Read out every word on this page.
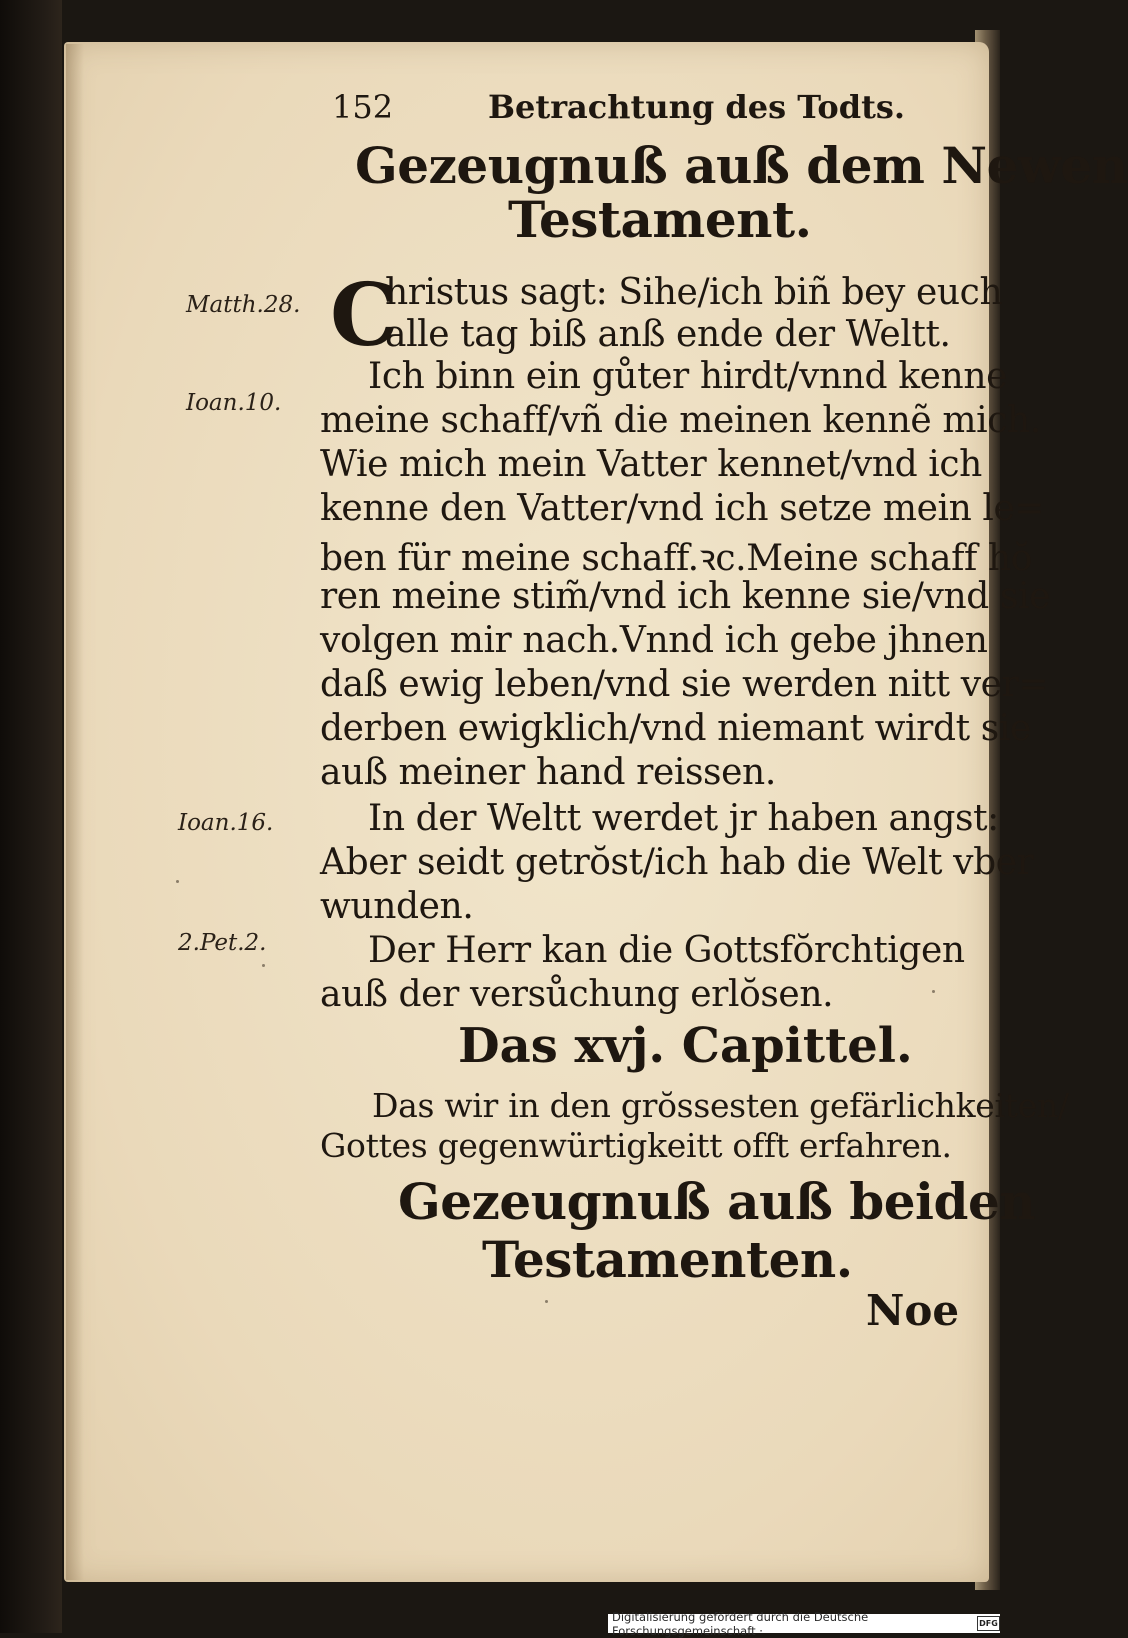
152	Betrachtung des Todts.
Gezeugnuß auß dem Newen
Testament.
Matth.28.
Ioan.10.
Ioan.16.
2.Pet.2.
C
hristus sagt: Sihe/ich biñ bey euch
alle tag biß anß ende der Weltt.
Ich binn ein gůter hirdt/vnnd kenne
meine schaff/vñ die meinen kennẽ mich.
Wie mich mein Vatter kennet/vnd ich
kenne den Vatter/vnd ich setze mein le=
ben für meine schaff.ꝛc.Meine schaff hŏ
ren meine stim̃/vnd ich kenne sie/vnd sie
volgen mir nach.Vnnd ich gebe jhnen
daß ewig leben/vnd sie werden nitt ver=
derben ewigklich/vnd niemant wirdt sie
auß meiner hand reissen.
In der Weltt werdet jr haben angst:
Aber seidt getrŏst/ich hab die Welt vber
wunden.
Der Herr kan die Gottsfŏrchtigen
auß der versůchung erlŏsen.
Das xvj. Capittel.
Das wir in den grŏssesten gefärlichkeiten/
Gottes gegenwürtigkeitt offt erfahren.
Gezeugnuß auß beiden
Testamenten.
Noe
Digitalisierung gefördert durch die Deutsche Forschungsgemeinschaft ·	DFG
